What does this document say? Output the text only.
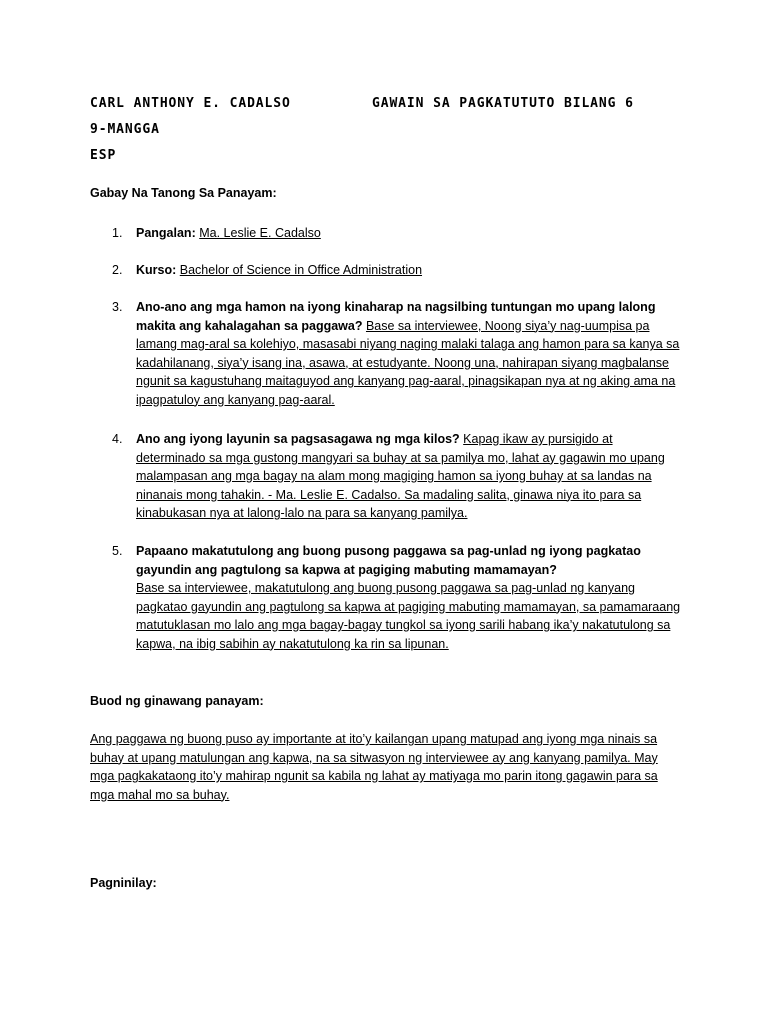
CARL ANTHONY E. CADALSO	GAWAIN SA PAGKATUTUTO BILANG 6
9-MANGGA
ESP
Gabay Na Tanong Sa Panayam:
1. Pangalan: Ma. Leslie E. Cadalso
2. Kurso: Bachelor of Science in Office Administration
3. Ano-ano ang mga hamon na iyong kinaharap na nagsilbing tuntungan mo upang lalong makita ang kahalagahan sa paggawa? Base sa interviewee, Noong siya’y nag-uumpisa pa lamang mag-aral sa kolehiyo, masasabi niyang naging malaki talaga ang hamon para sa kanya sa kadahilanang, siya’y isang ina, asawa, at estudyante. Noong una, nahirapan siyang magbalanse ngunit sa kagustuhang maitaguyod ang kanyang pag-aaral, pinagsikapan nya at ng aking ama na ipagpatuloy ang kanyang pag-aaral.
4. Ano ang iyong layunin sa pagsasagawa ng mga kilos? Kapag ikaw ay pursigido at determinado sa mga gustong mangyari sa buhay at sa pamilya mo, lahat ay gagawin mo upang malampasan ang mga bagay na alam mong magiging hamon sa iyong buhay at sa landas na ninanais mong tahakin. - Ma. Leslie E. Cadalso. Sa madaling salita, ginawa niya ito para sa kinabukasan nya at lalong-lalo na para sa kanyang pamilya.
5. Papaano makatutulong ang buong pusong paggawa sa pag-unlad ng iyong pagkatao gayundin ang pagtulong sa kapwa at pagiging mabuting mamamayan?
Base sa interviewee, makatutulong ang buong pusong paggawa sa pag-unlad ng kanyang pagkatao gayundin ang pagtulong sa kapwa at pagiging mabuting mamamayan, sa pamamaraang matutuklasan mo lalo ang mga bagay-bagay tungkol sa iyong sarili habang ika’y nakatutulong sa kapwa, na ibig sabihin ay nakatutulong ka rin sa lipunan.
Buod ng ginawang panayam:
Ang paggawa ng buong puso ay importante at ito’y kailangan upang matupad ang iyong mga ninais sa buhay at upang matulungan ang kapwa, na sa sitwasyon ng interviewee ay ang kanyang pamilya. May mga pagkakataong ito’y mahirap ngunit sa kabila ng lahat ay matiyaga mo parin itong gagawin para sa mga mahal mo sa buhay.
Pagninilay:
